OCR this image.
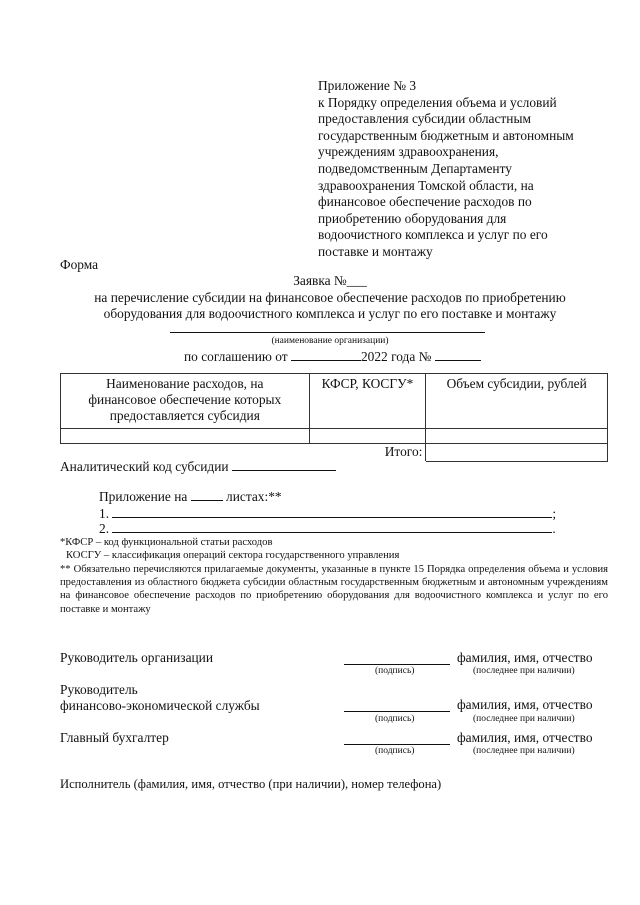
Приложение № 3
к Порядку определения объема и условий
предоставления субсидии областным
государственным бюджетным и автономным
учреждениям здравоохранения,
подведомственным Департаменту
здравоохранения Томской области, на
финансовое обеспечение расходов по
приобретению оборудования для
водоочистного комплекса и услуг по его
поставке и монтажу
Форма
Заявка №___
на перечисление субсидии на финансовое обеспечение расходов по приобретению
оборудования для водоочистного комплекса и услуг по его поставке и монтажу
(наименование организации)
по соглашению от	2022 года №
Наименование расходов, на финансовое обеспечение которых предоставляется субсидия	КФСР, КОСГУ*	Объем субсидии, рублей

Итого:		
Аналитический код субсидии
Приложение на	листах:**
1.	;
2.	.
*КФСР – код функциональной статьи расходов
КОСГУ – классификация операций сектора государственного управления
** Обязательно перечисляются прилагаемые документы, указанные в пункте 15 Порядка определения объема и условия предоставления из областного бюджета субсидии областным государственным бюджетным и автономным учреждениям на финансовое обеспечение расходов по приобретению оборудования для водоочистного комплекса и услуг по его поставке и монтажу
Руководитель организации	фамилия, имя, отчество
(подпись)	(последнее при наличии)
Руководитель
финансово-экономической службы	фамилия, имя, отчество
(подпись)	(последнее при наличии)
Главный бухгалтер	фамилия, имя, отчество
(подпись)	(последнее при наличии)
Исполнитель (фамилия, имя, отчество (при наличии), номер телефона)
